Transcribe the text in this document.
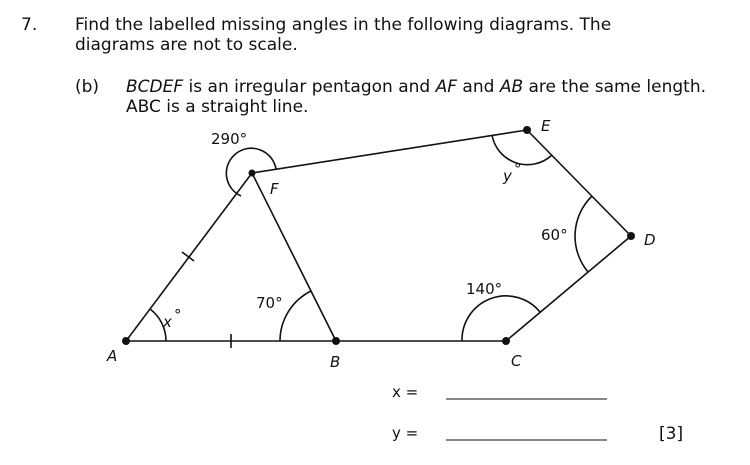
7. Find the labelled missing angles in the following diagrams. The
diagrams are not to scale.
(b) BCDEF is an irregular pentagon and AF and AB are the same length.
ABC is a straight line.
A	B	C
D
E
F
290°
70°
140°
60°
x °
y °
x =
y =	[3]
